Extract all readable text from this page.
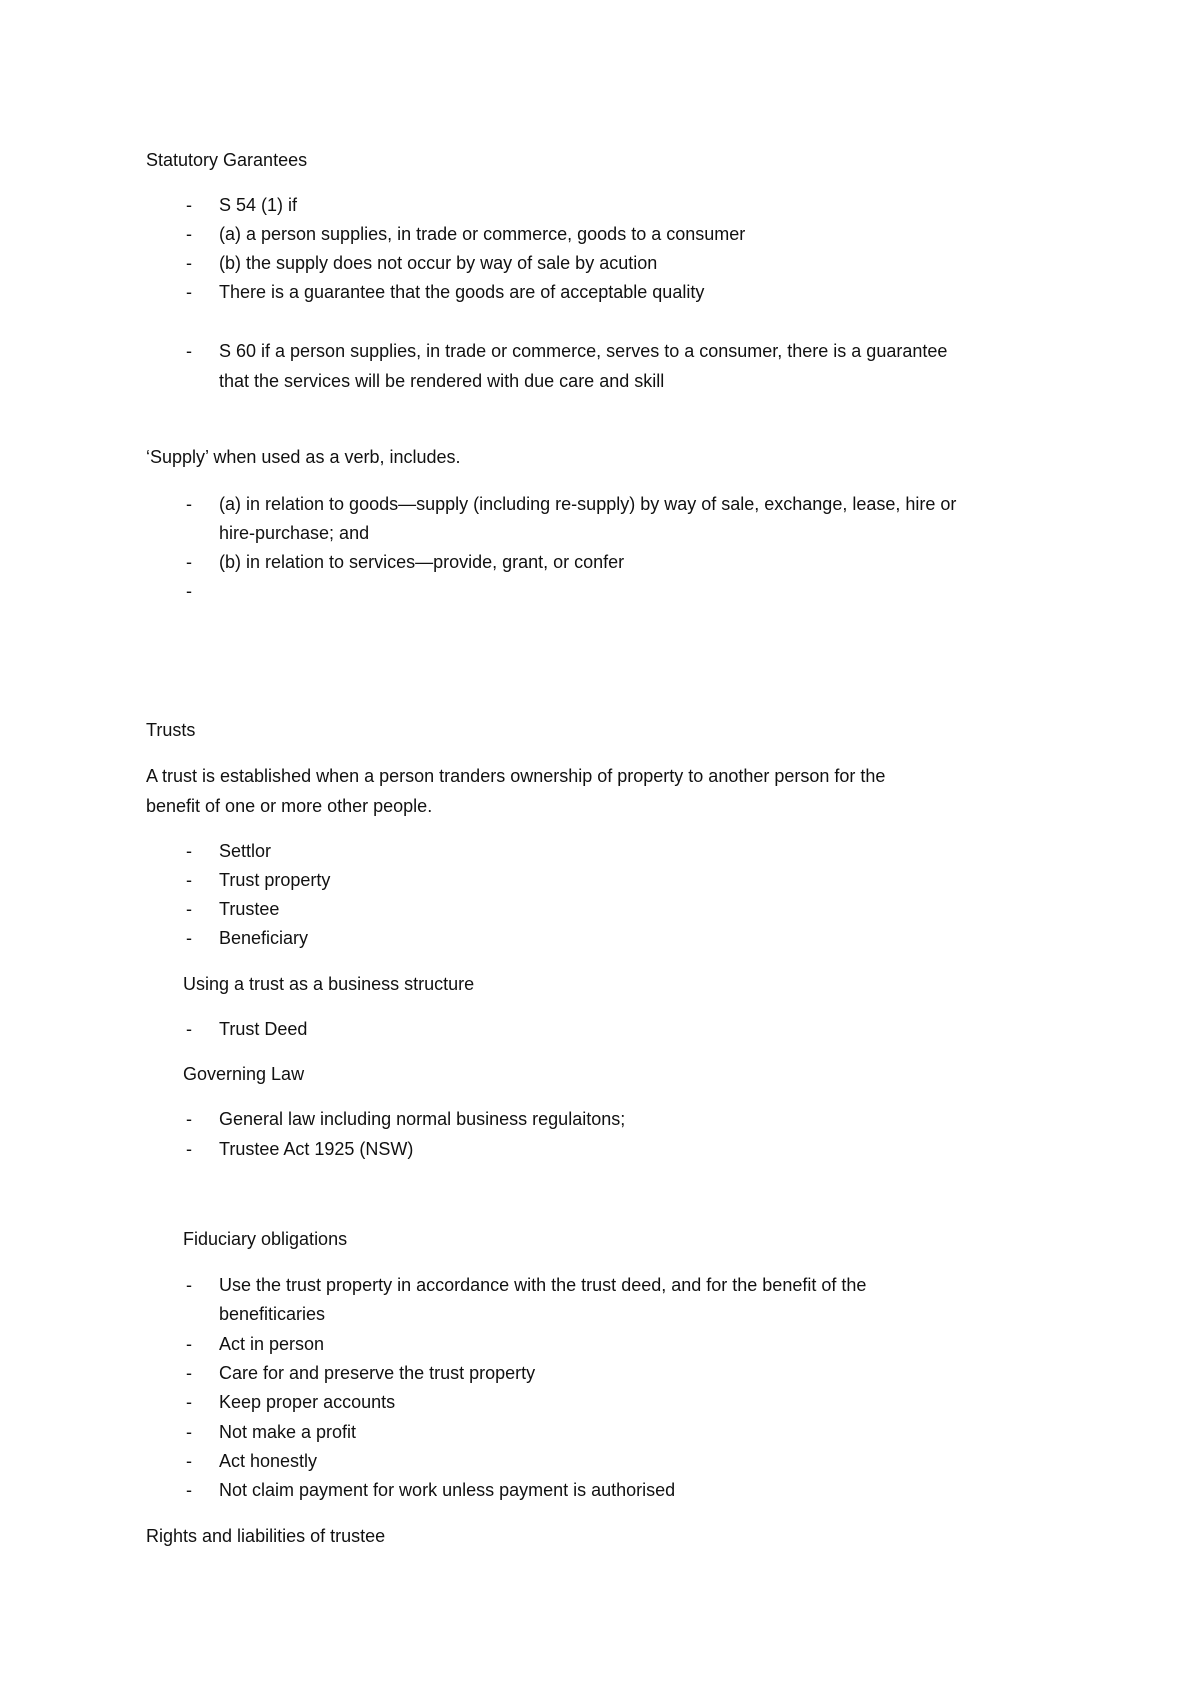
Statutory Garantees
-	S 54 (1) if
-	(a) a person supplies, in trade or commerce, goods to a consumer
-	(b) the supply does not occur by way of sale by acution
-	There is a guarantee that the goods are of acceptable quality
-	S 60 if a person supplies, in trade or commerce, serves to a consumer, there is a guarantee
that the services will be rendered with due care and skill
‘Supply’ when used as a verb, includes.
-	(a) in relation to goods—supply (including re-supply) by way of sale, exchange, lease, hire or
hire-purchase; and
-	(b) in relation to services—provide, grant, or confer
-
Trusts
A trust is established when a person tranders ownership of property to another person for the
benefit of one or more other people.
-	Settlor
-	Trust property
-	Trustee
-	Beneficiary
Using a trust as a business structure
-	Trust Deed
Governing Law
-	General law including normal business regulaitons;
-	Trustee Act 1925 (NSW)
Fiduciary obligations
-	Use the trust property in accordance with the trust deed, and for the benefit of the
benefiticaries
-	Act in person
-	Care for and preserve the trust property
-	Keep proper accounts
-	Not make a profit
-	Act honestly
-	Not claim payment for work unless payment is authorised
Rights and liabilities of trustee
